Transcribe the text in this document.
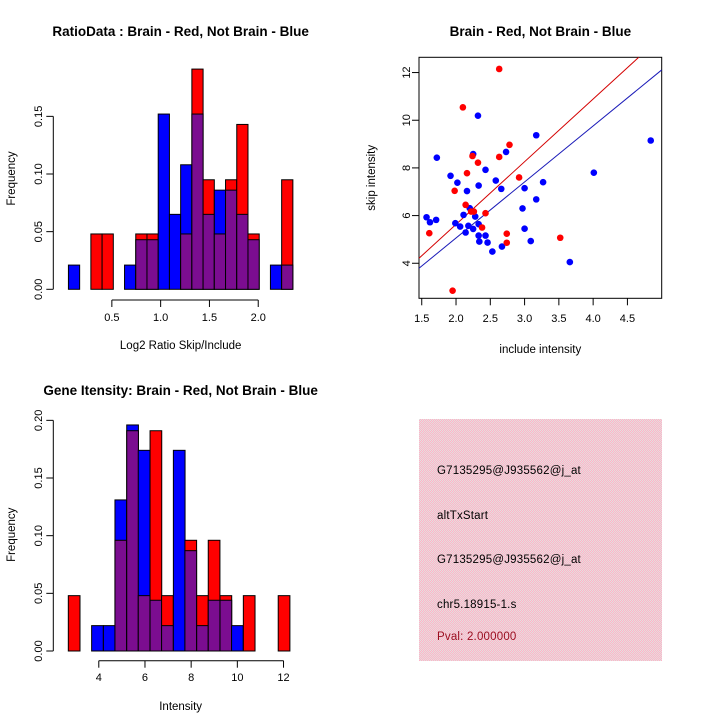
RatioData : Brain - Red, Not Brain - Blue
Log2 Ratio Skip/Include
Frequency
0.5	1.0	1.5	2.0
0.00
0.05
0.10
0.15
Brain - Red, Not Brain - Blue
include intensity
skip intensity
1.5 2.0 2.5 3.0 3.5 4.0 4.5
4
6
8
10
12
Gene Itensity: Brain - Red, Not Brain - Blue
Intensity
Frequency
4	6	8	10	12
0.00
0.05
0.10
0.15
0.20
G7135295@J935562@j_at
altTxStart
G7135295@J935562@j_at
chr5.18915-1.s
Pval: 2.000000
